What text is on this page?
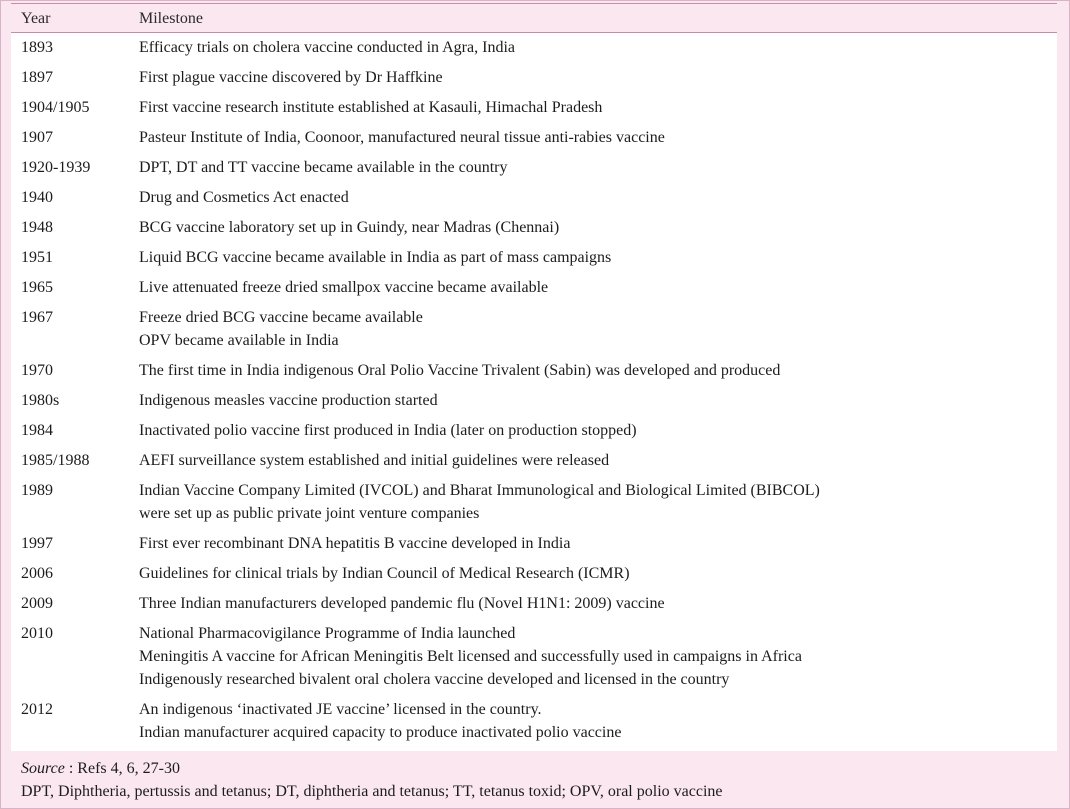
Year	Milestone
1893	Efficacy trials on cholera vaccine conducted in Agra, India
1897	First plague vaccine discovered by Dr Haffkine
1904/1905	First vaccine research institute established at Kasauli, Himachal Pradesh
1907	Pasteur Institute of India, Coonoor, manufactured neural tissue anti-rabies vaccine
1920-1939	DPT, DT and TT vaccine became available in the country
1940	Drug and Cosmetics Act enacted
1948	BCG vaccine laboratory set up in Guindy, near Madras (Chennai)
1951	Liquid BCG vaccine became available in India as part of mass campaigns
1965	Live attenuated freeze dried smallpox vaccine became available
1967	Freeze dried BCG vaccine became available
OPV became available in India
1970	The first time in India indigenous Oral Polio Vaccine Trivalent (Sabin) was developed and produced
1980s	Indigenous measles vaccine production started
1984	Inactivated polio vaccine first produced in India (later on production stopped)
1985/1988	AEFI surveillance system established and initial guidelines were released
1989	Indian Vaccine Company Limited (IVCOL) and Bharat Immunological and Biological Limited (BIBCOL)
were set up as public private joint venture companies
1997	First ever recombinant DNA hepatitis B vaccine developed in India
2006	Guidelines for clinical trials by Indian Council of Medical Research (ICMR)
2009	Three Indian manufacturers developed pandemic flu (Novel H1N1: 2009) vaccine
2010	National Pharmacovigilance Programme of India launched
Meningitis A vaccine for African Meningitis Belt licensed and successfully used in campaigns in Africa
Indigenously researched bivalent oral cholera vaccine developed and licensed in the country
2012	An indigenous ‘inactivated JE vaccine’ licensed in the country.
Indian manufacturer acquired capacity to produce inactivated polio vaccine
Source : Refs 4, 6, 27-30
DPT, Diphtheria, pertussis and tetanus; DT, diphtheria and tetanus; TT, tetanus toxid; OPV, oral polio vaccine
